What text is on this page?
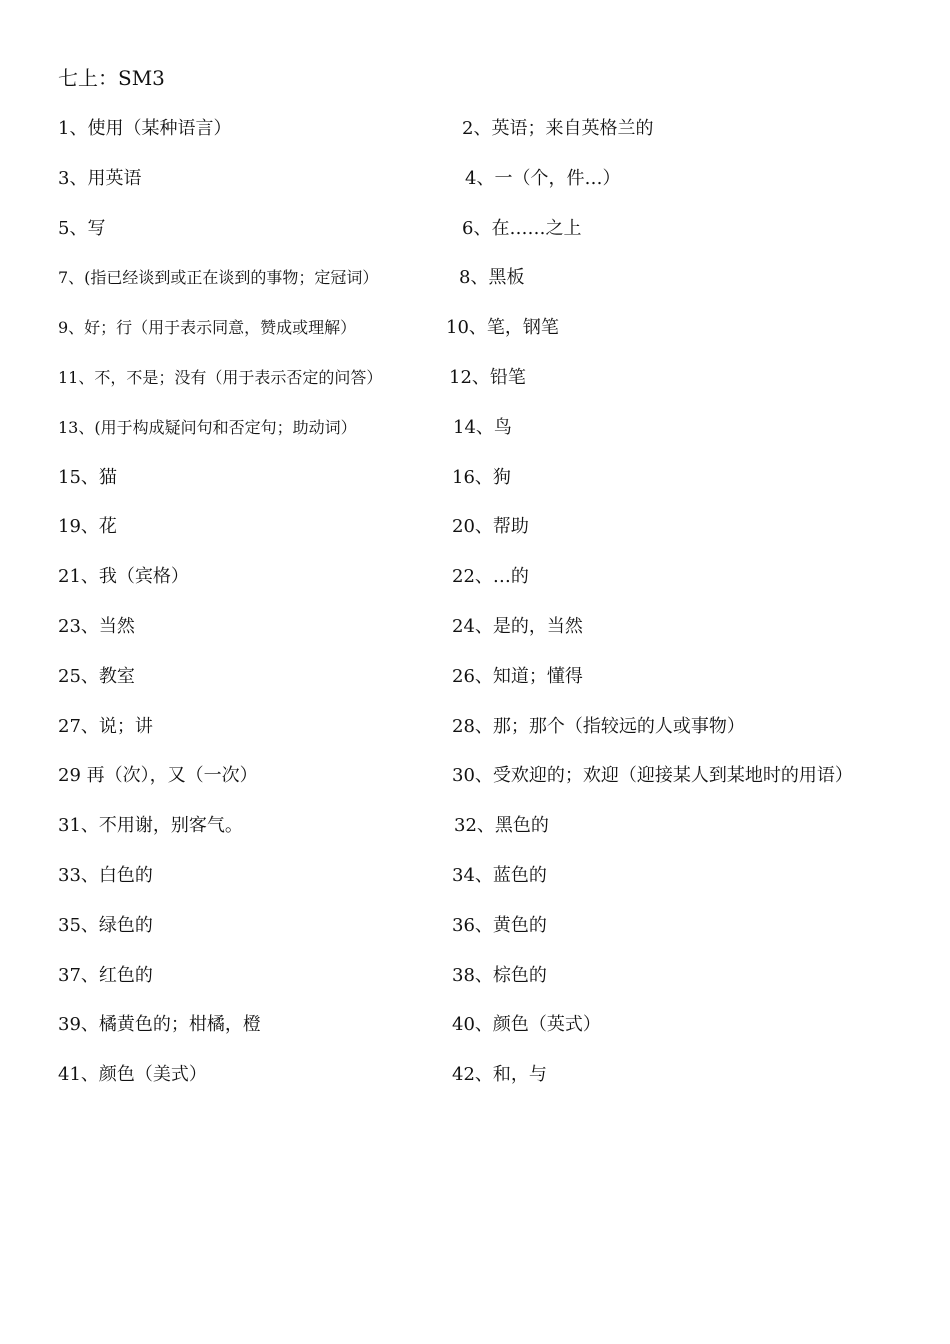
七上：SM3
1、使用（某种语言）	2、英语；来自英格兰的
3、用英语	4、一（个，件…）
5、写	6、在……之上
7、(指已经谈到或正在谈到的事物；定冠词）	8、黑板
9、好；行（用于表示同意，赞成或理解）	10、笔，钢笔
11、不，不是；没有（用于表示否定的问答）	12、铅笔
13、(用于构成疑问句和否定句；助动词）	14、鸟
15、猫	16、狗
19、花	20、帮助
21、我（宾格）	22、…的
23、当然	24、是的，当然
25、教室	26、知道；懂得
27、说；讲	28、那；那个（指较远的人或事物）
29 再（次），又（一次）	30、受欢迎的；欢迎（迎接某人到某地时的用语）
31、不用谢，别客气。	32、黑色的
33、白色的	34、蓝色的
35、绿色的	36、黄色的
37、红色的	38、棕色的
39、橘黄色的；柑橘，橙	40、颜色（英式）
41、颜色（美式）	42、和，与
